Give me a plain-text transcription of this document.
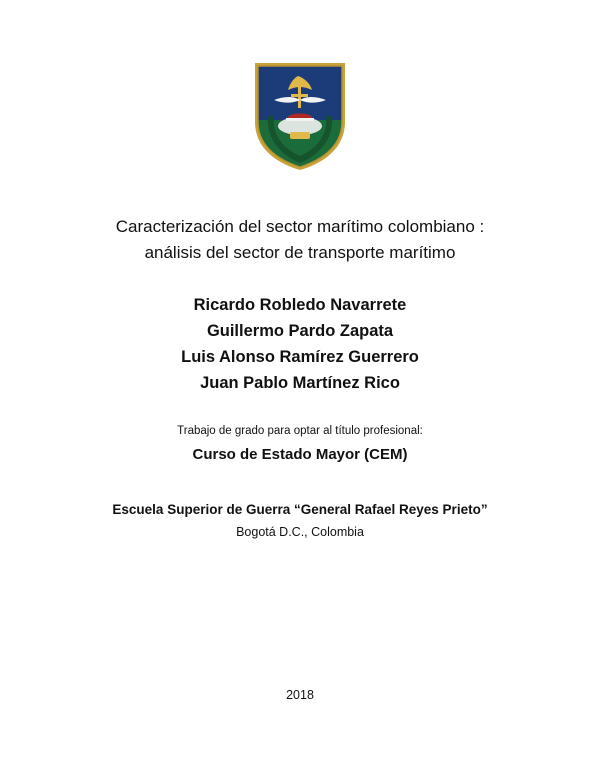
Caracterización del sector marítimo colombiano :
análisis del sector de transporte marítimo
Ricardo Robledo Navarrete
Guillermo Pardo Zapata
Luis Alonso Ramírez Guerrero
Juan Pablo Martínez Rico
Trabajo de grado para optar al título profesional:
Curso de Estado Mayor (CEM)
Escuela Superior de Guerra “General Rafael Reyes Prieto”
Bogotá D.C., Colombia
2018
